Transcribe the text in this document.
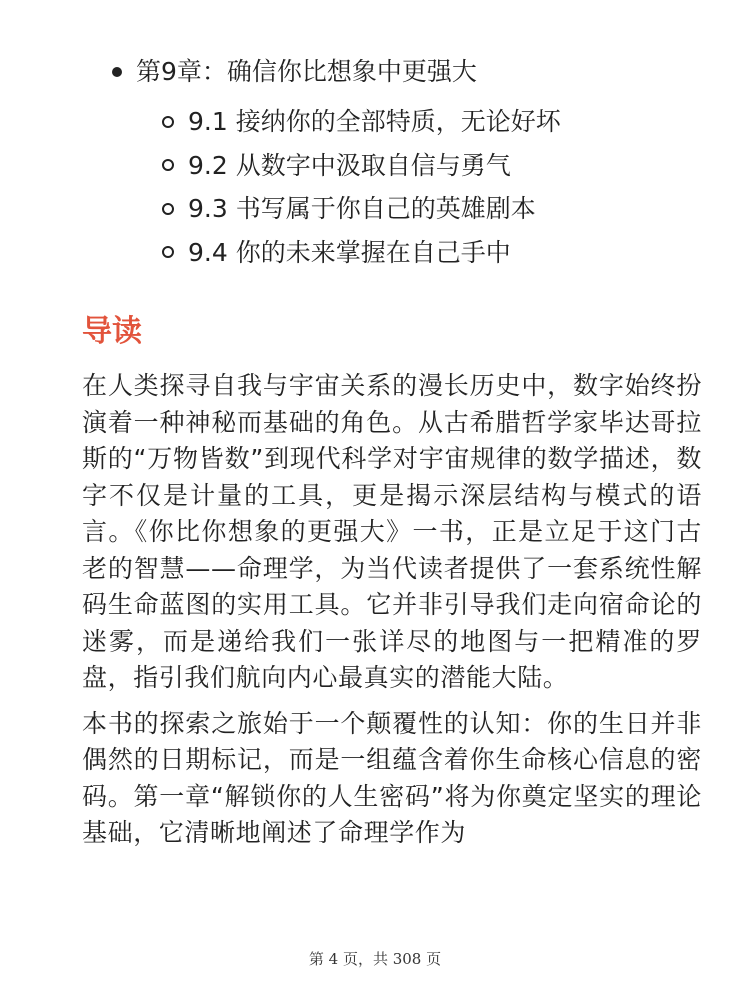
第9章：确信你比想象中更强大
9.1 接纳你的全部特质，无论好坏
9.2 从数字中汲取自信与勇气
9.3 书写属于你自己的英雄剧本
9.4 你的未来掌握在自己手中
导读

在人类探寻自我与宇宙关系的漫长历史中，数字始终扮演着一种神秘而基础的角色。从古希腊哲学家毕达哥拉斯的“万物皆数”到现代科学对宇宙规律的数学描述，数字不仅是计量的工具，更是揭示深层结构与模式的语言。《你比你想象的更强大》一书，正是立足于这门古老的智慧——命理学，为当代读者提供了一套系统性解码生命蓝图的实用工具。它并非引导我们走向宿命论的迷雾，而是递给我们一张详尽的地图与一把精准的罗盘，指引我们航向内心最真实的潜能大陆。

本书的探索之旅始于一个颠覆性的认知：你的生日并非偶然的日期标记，而是一组蕴含着你生命核心信息的密码。第一章“解锁你的人生密码”将为你奠定坚实的理论基础，它清晰地阐述了命理学作为

第 4 页，共 308 页
